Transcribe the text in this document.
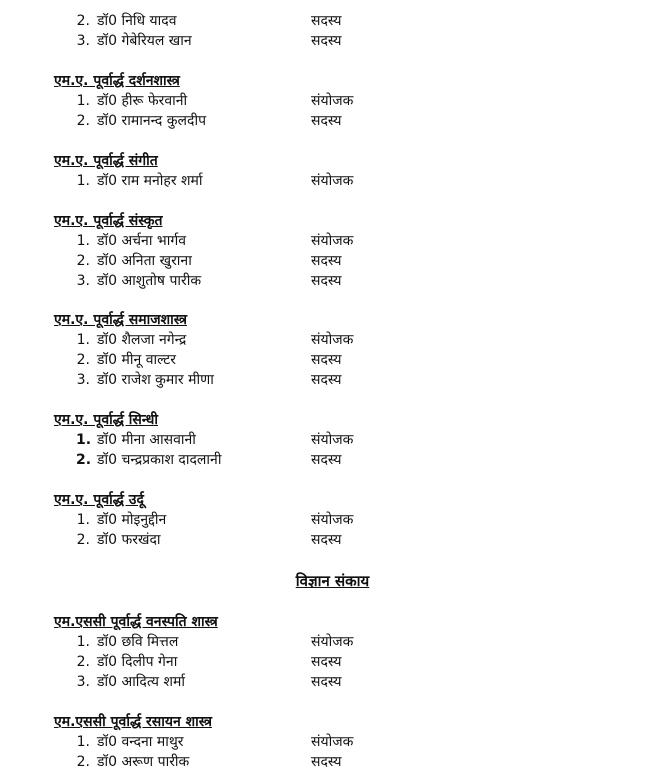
2. डॉ0 निधि यादव	सदस्य
3. डॉ0 गेबेरियल खान	सदस्य
एम.ए. पूर्वार्द्ध दर्शनशास्त्र
1. डॉ0 हीरू फेरवानी	संयोजक
2. डॉ0 रामानन्द कुलदीप	सदस्य
एम.ए. पूर्वार्द्ध संगीत
1. डॉ0 राम मनोहर शर्मा	संयोजक
एम.ए. पूर्वार्द्ध संस्कृत
1. डॉ0 अर्चना भार्गव	संयोजक
2. डॉ0 अनिता खुराना	सदस्य
3. डॉ0 आशुतोष पारीक	सदस्य
एम.ए. पूर्वार्द्ध समाजशास्त्र
1. डॉ0 शैलजा नगेन्द्र	संयोजक
2. डॉ0 मीनू वाल्टर	सदस्य
3. डॉ0 राजेश कुमार मीणा	सदस्य
एम.ए. पूर्वार्द्ध सिन्धी
1. डॉ0 मीना आसवानी	संयोजक
2. डॉ0 चन्द्रप्रकाश दादलानी	सदस्य
एम.ए. पूर्वार्द्ध उर्दू
1. डॉ0 मोइनुद्दीन	संयोजक
2. डॉ0 फरखंदा	सदस्य
विज्ञान संकाय
एम.एससी पूर्वार्द्ध वनस्पति शास्त्र
1. डॉ0 छवि मित्तल	संयोजक
2. डॉ0 दिलीप गेना	सदस्य
3. डॉ0 आदित्य शर्मा	सदस्य
एम.एससी पूर्वार्द्ध रसायन शास्त्र
1. डॉ0 वन्दना माथुर	संयोजक
2. डॉ0 अरूण पारीक	सदस्य
